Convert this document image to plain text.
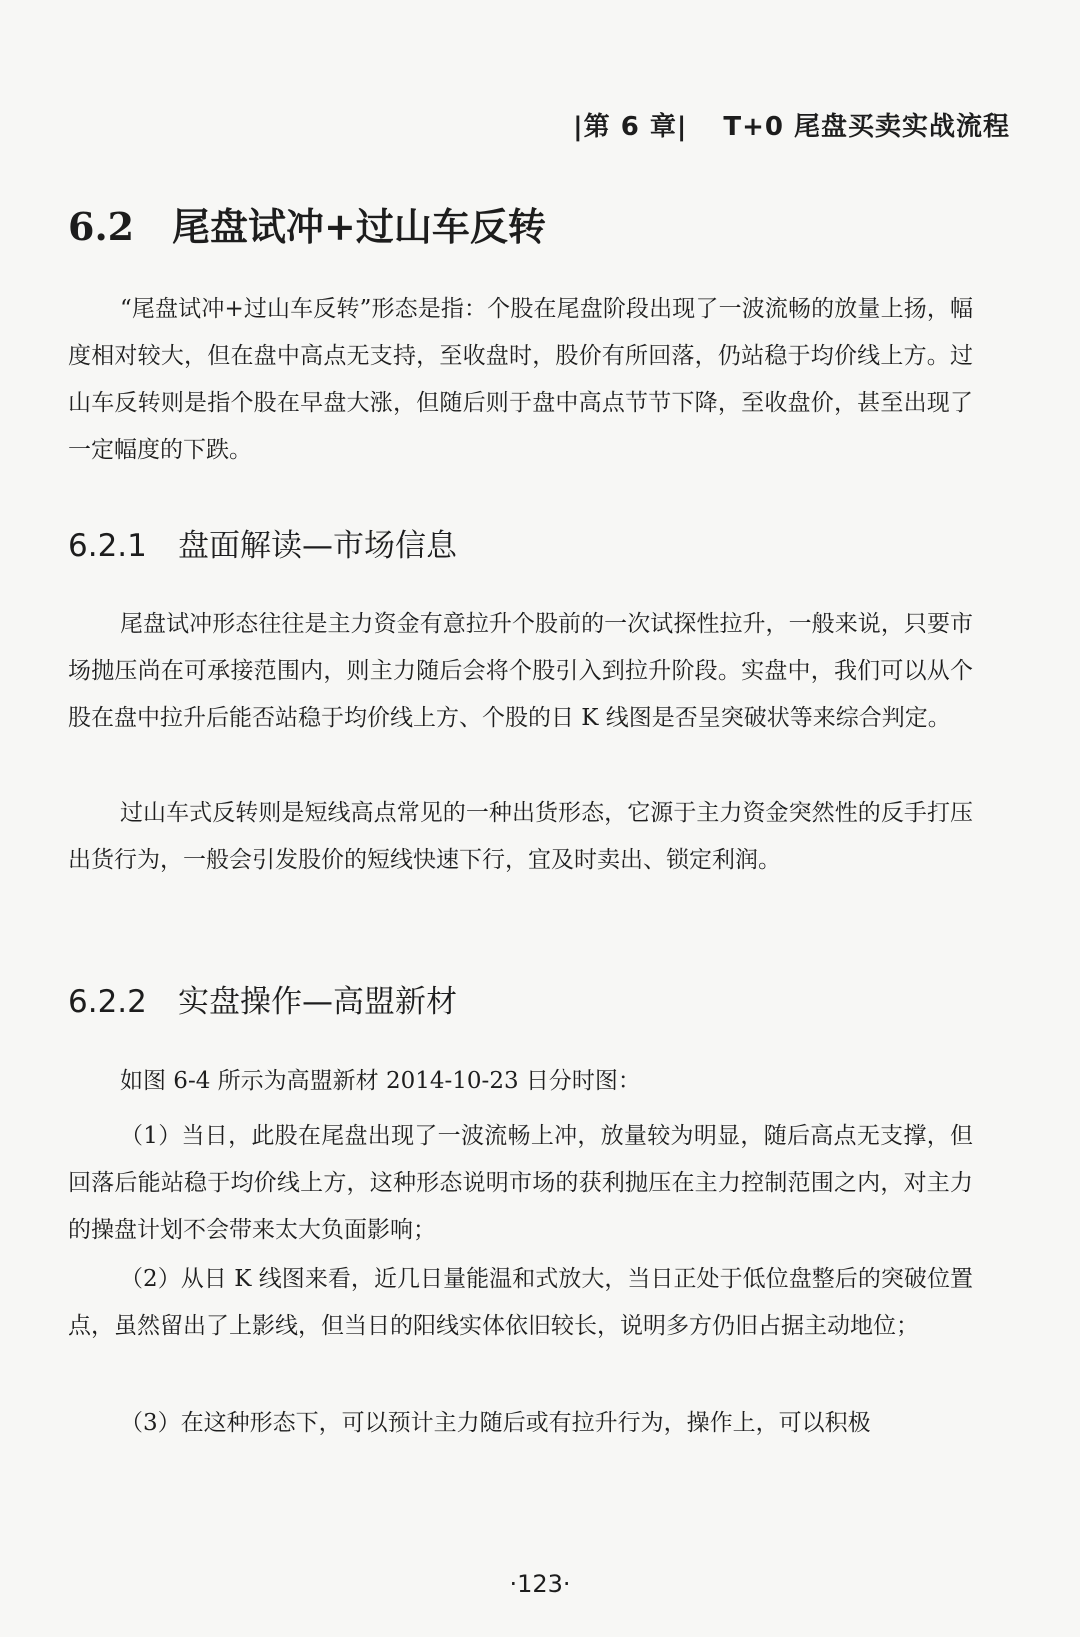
|第 6 章| T+0 尾盘买卖实战流程
6.2 尾盘试冲+过山车反转

“尾盘试冲+过山车反转”形态是指：个股在尾盘阶段出现了一波流畅的放量上扬，幅度相对较大，但在盘中高点无支持，至收盘时，股价有所回落，仍站稳于均价线上方。过山车反转则是指个股在早盘大涨，但随后则于盘中高点节节下降，至收盘价，甚至出现了一定幅度的下跌。

6.2.1 盘面解读—市场信息

尾盘试冲形态往往是主力资金有意拉升个股前的一次试探性拉升，一般来说，只要市场抛压尚在可承接范围内，则主力随后会将个股引入到拉升阶段。实盘中，我们可以从个股在盘中拉升后能否站稳于均价线上方、个股的日 K 线图是否呈突破状等来综合判定。

过山车式反转则是短线高点常见的一种出货形态，它源于主力资金突然性的反手打压出货行为，一般会引发股价的短线快速下行，宜及时卖出、锁定利润。

6.2.2 实盘操作—高盟新材

如图 6-4 所示为高盟新材 2014-10-23 日分时图：

（1）当日，此股在尾盘出现了一波流畅上冲，放量较为明显，随后高点无支撑，但回落后能站稳于均价线上方，这种形态说明市场的获利抛压在主力控制范围之内，对主力的操盘计划不会带来太大负面影响；

（2）从日 K 线图来看，近几日量能温和式放大，当日正处于低位盘整后的突破位置点，虽然留出了上影线，但当日的阳线实体依旧较长，说明多方仍旧占据主动地位；

（3）在这种形态下，可以预计主力随后或有拉升行为，操作上，可以积极

·123·
